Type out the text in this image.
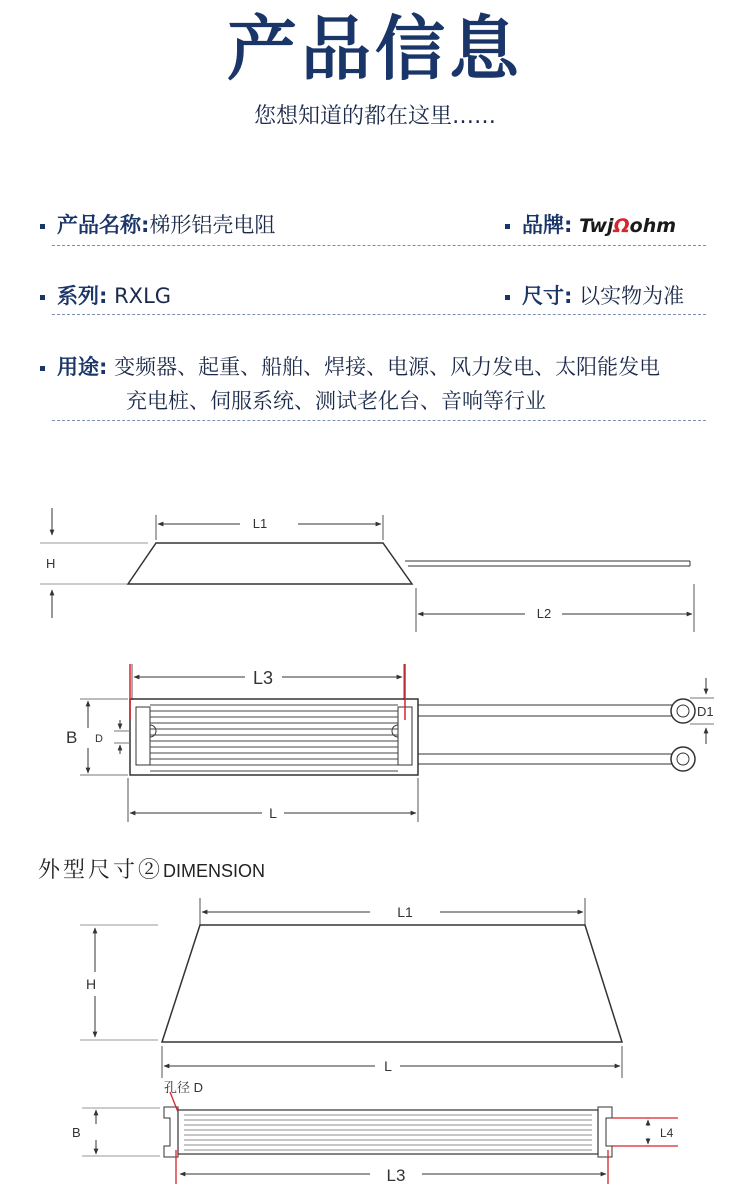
产品信息
您想知道的都在这里……
产品名称:梯形铝壳电阻	品牌: TwjΩohm
系列: RXLG	尺寸: 以实物为准
用途: 变频器、起重、船舶、焊接、电源、风力发电、太阳能发电
充电桩、伺服系统、测试老化台、音响等行业
外型尺寸②DIMENSION
H
L1
L2
L3
B D
D1
L
L1
H
L
孔径 D
B	L4
L3
